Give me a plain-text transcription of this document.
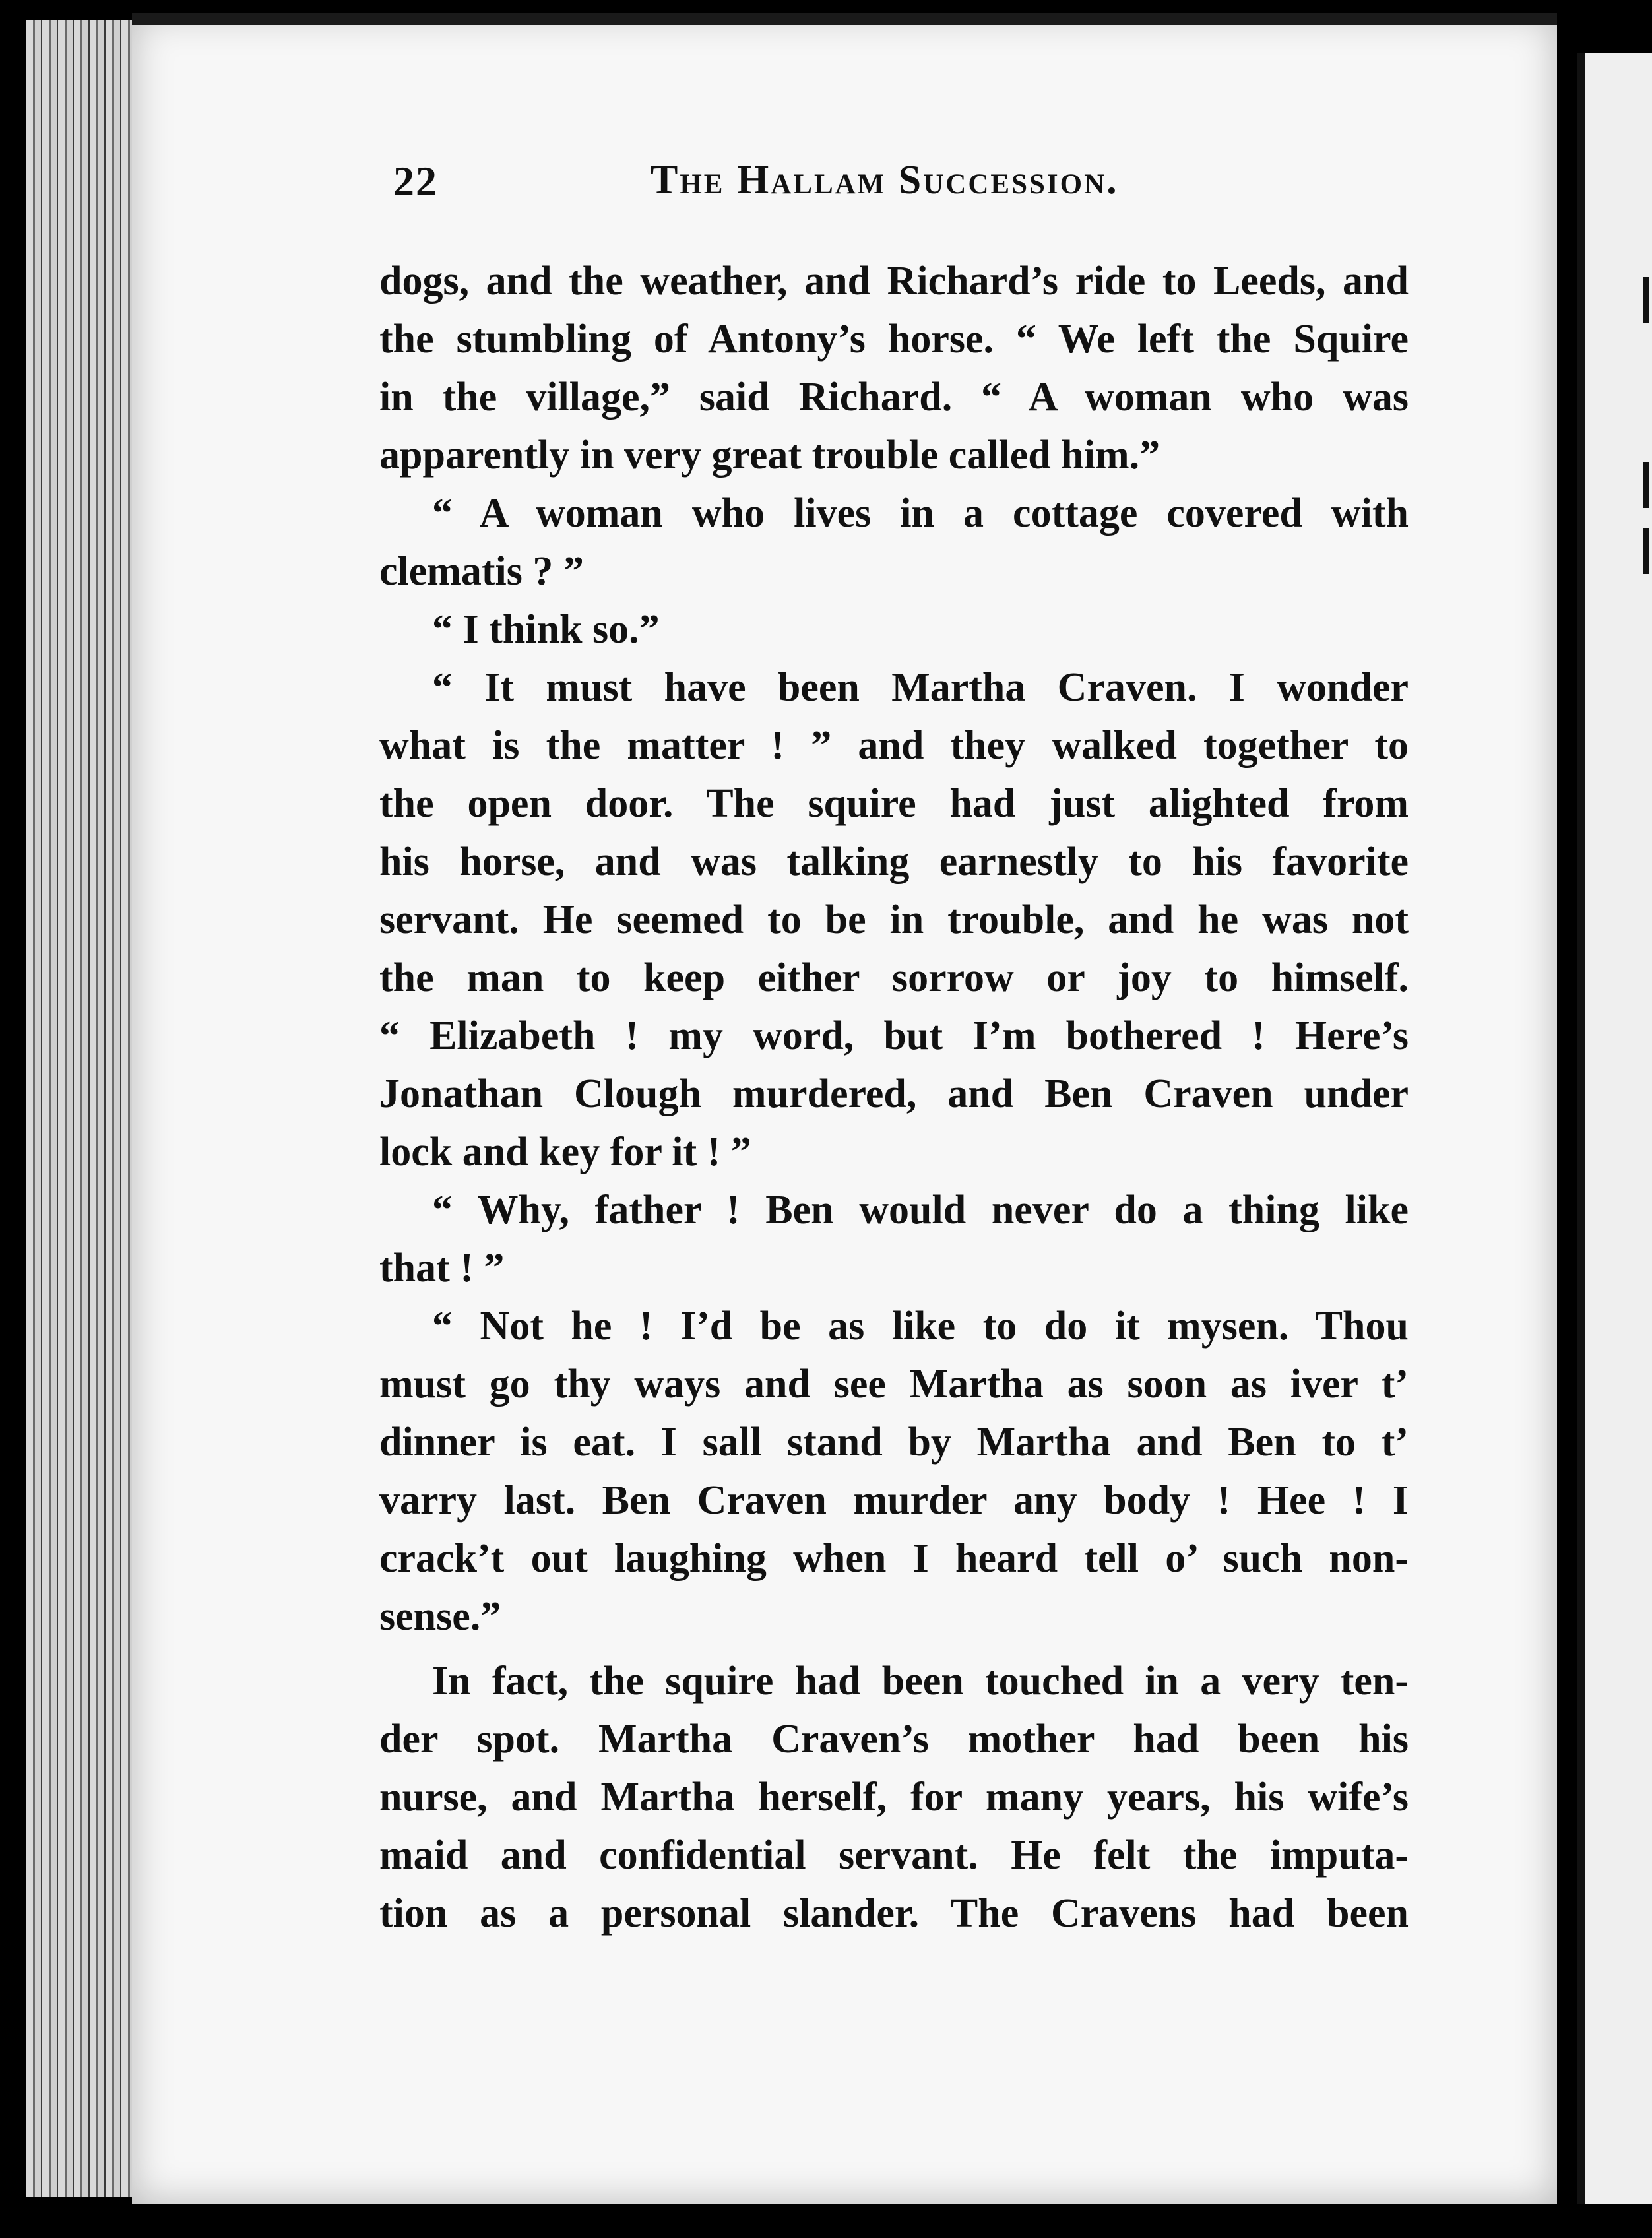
22	The Hallam Succession.
dogs, and the weather, and Richard’s ride to Leeds, and
the stumbling of Antony’s horse. “ We left the Squire
in the village,” said Richard. “ A woman who was
apparently in very great trouble called him.”
“ A woman who lives in a cottage covered with
clematis ? ”
“ I think so.”
“ It must have been Martha Craven. I wonder
what is the matter ! ” and they walked together to
the open door. The squire had just alighted from
his horse, and was talking earnestly to his favorite
servant. He seemed to be in trouble, and he was not
the man to keep either sorrow or joy to himself.
“ Elizabeth ! my word, but I’m bothered ! Here’s
Jonathan Clough murdered, and Ben Craven under
lock and key for it ! ”
“ Why, father ! Ben would never do a thing like
that ! ”
“ Not he ! I’d be as like to do it mysen. Thou
must go thy ways and see Martha as soon as iver t’
dinner is eat. I sall stand by Martha and Ben to t’
varry last. Ben Craven murder any body ! Hee ! I
crack’t out laughing when I heard tell o’ such non-
sense.”
In fact, the squire had been touched in a very ten-
der spot. Martha Craven’s mother had been his
nurse, and Martha herself, for many years, his wife’s
maid and confidential servant. He felt the imputa-
tion as a personal slander. The Cravens had been
